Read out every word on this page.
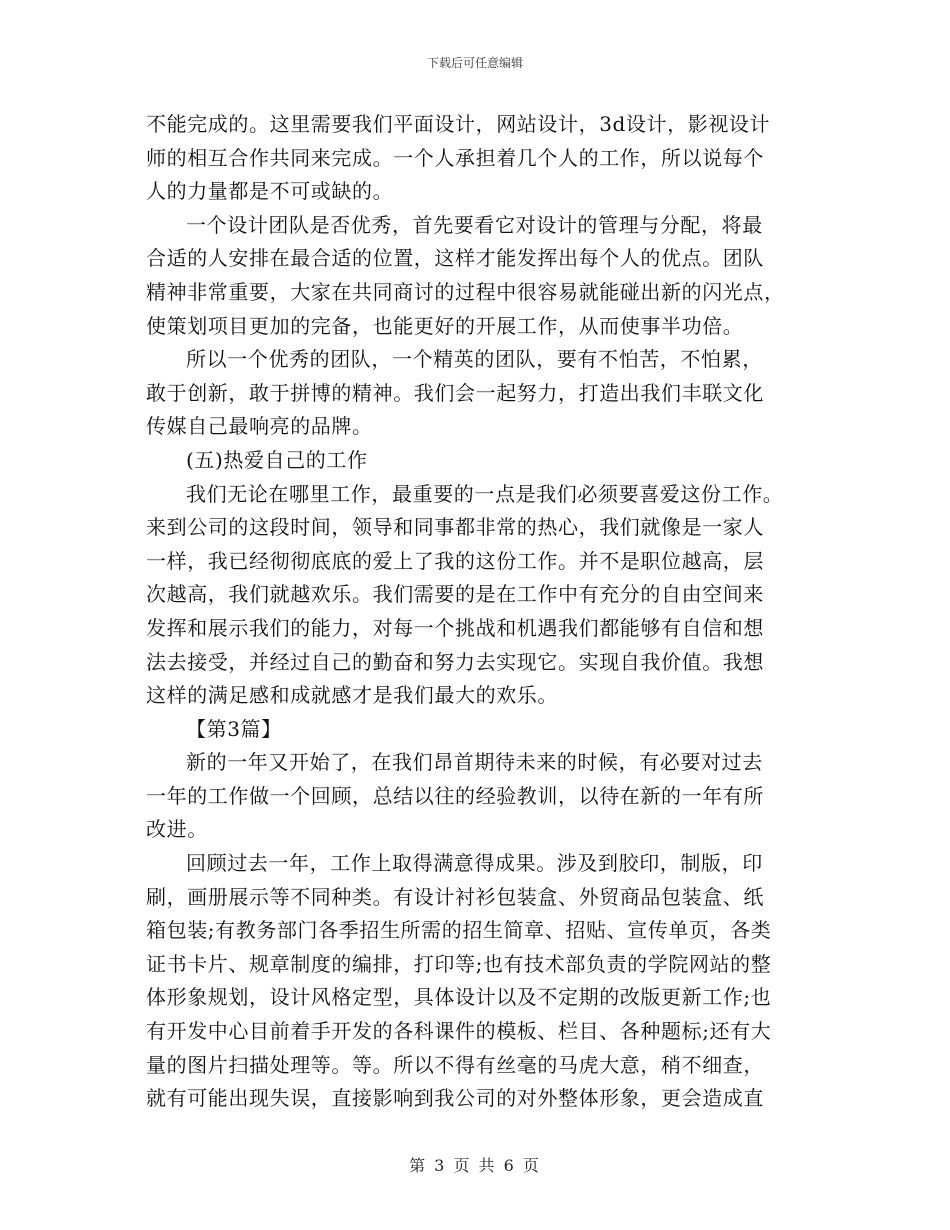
下载后可任意编辑
不能完成的。这里需要我们平面设计，网站设计，3d设计，影视设计
师的相互合作共同来完成。一个人承担着几个人的工作，所以说每个
人的力量都是不可或缺的。
一个设计团队是否优秀，首先要看它对设计的管理与分配，将最
合适的人安排在最合适的位置，这样才能发挥出每个人的优点。团队
精神非常重要，大家在共同商讨的过程中很容易就能碰出新的闪光点，
使策划项目更加的完备，也能更好的开展工作，从而使事半功倍。
所以一个优秀的团队，一个精英的团队，要有不怕苦，不怕累，
敢于创新，敢于拼博的精神。我们会一起努力，打造出我们丰联文化
传媒自己最响亮的品牌。
(五)热爱自己的工作
我们无论在哪里工作，最重要的一点是我们必须要喜爱这份工作。
来到公司的这段时间，领导和同事都非常的热心，我们就像是一家人
一样，我已经彻彻底底的爱上了我的这份工作。并不是职位越高，层
次越高，我们就越欢乐。我们需要的是在工作中有充分的自由空间来
发挥和展示我们的能力，对每一个挑战和机遇我们都能够有自信和想
法去接受，并经过自己的勤奋和努力去实现它。实现自我价值。我想
这样的满足感和成就感才是我们最大的欢乐。
【第3篇】
新的一年又开始了，在我们昂首期待未来的时候，有必要对过去
一年的工作做一个回顾，总结以往的经验教训，以待在新的一年有所
改进。
回顾过去一年，工作上取得满意得成果。涉及到胶印，制版，印
刷，画册展示等不同种类。有设计衬衫包装盒、外贸商品包装盒、纸
箱包装;有教务部门各季招生所需的招生简章、招贴、宣传单页，各类
证书卡片、规章制度的编排，打印等;也有技术部负责的学院网站的整
体形象规划，设计风格定型，具体设计以及不定期的改版更新工作;也
有开发中心目前着手开发的各科课件的模板、栏目、各种题标;还有大
量的图片扫描处理等。等。所以不得有丝毫的马虎大意，稍不细查，
就有可能出现失误，直接影响到我公司的对外整体形象，更会造成直
第 3 页 共 6 页
